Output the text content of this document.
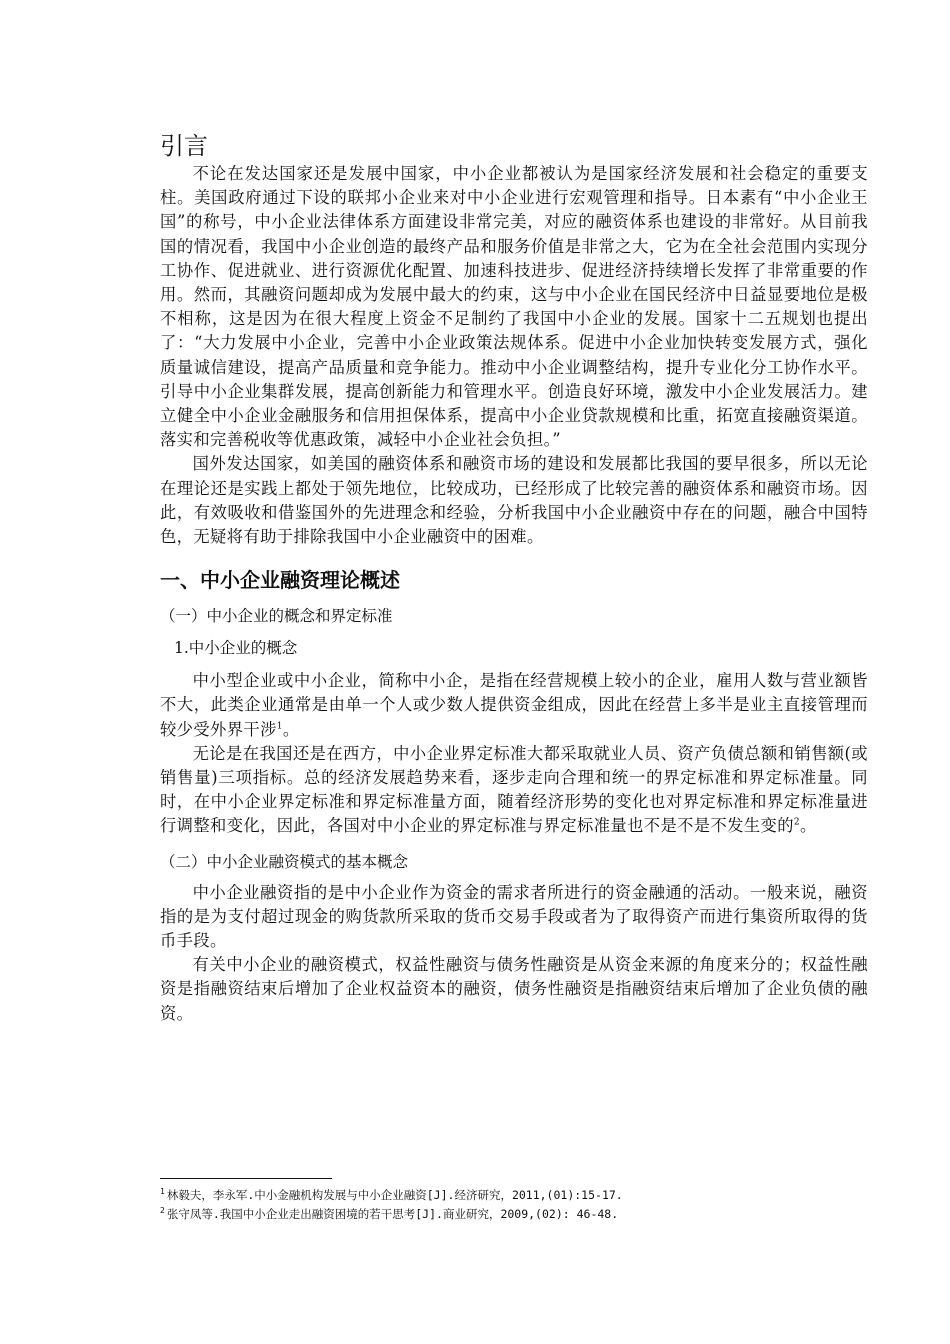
引言

不论在发达国家还是发展中国家，中小企业都被认为是国家经济发展和社会稳定的重要支柱。美国政府通过下设的联邦小企业来对中小企业进行宏观管理和指导。日本素有“中小企业王国”的称号，中小企业法律体系方面建设非常完美，对应的融资体系也建设的非常好。从目前我国的情况看，我国中小企业创造的最终产品和服务价值是非常之大，它为在全社会范围内实现分工协作、促进就业、进行资源优化配置、加速科技进步、促进经济持续增长发挥了非常重要的作用。然而，其融资问题却成为发展中最大的约束，这与中小企业在国民经济中日益显要地位是极不相称，这是因为在很大程度上资金不足制约了我国中小企业的发展。国家十二五规划也提出了：“大力发展中小企业，完善中小企业政策法规体系。促进中小企业加快转变发展方式，强化质量诚信建设，提高产品质量和竞争能力。推动中小企业调整结构，提升专业化分工协作水平。引导中小企业集群发展，提高创新能力和管理水平。创造良好环境，激发中小企业发展活力。建立健全中小企业金融服务和信用担保体系，提高中小企业贷款规模和比重，拓宽直接融资渠道。落实和完善税收等优惠政策，减轻中小企业社会负担。”

国外发达国家，如美国的融资体系和融资市场的建设和发展都比我国的要早很多，所以无论在理论还是实践上都处于领先地位，比较成功，已经形成了比较完善的融资体系和融资市场。因此，有效吸收和借鉴国外的先进理念和经验，分析我国中小企业融资中存在的问题，融合中国特色，无疑将有助于排除我国中小企业融资中的困难。

一、中小企业融资理论概述
（一）中小企业的概念和界定标准
1.中小企业的概念

中小型企业或中小企业，简称中小企，是指在经营规模上较小的企业，雇用人数与营业额皆不大，此类企业通常是由单一个人或少数人提供资金组成，因此在经营上多半是业主直接管理而较少受外界干涉$^1$。

无论是在我国还是在西方，中小企业界定标准大都采取就业人员、资产负债总额和销售额(或销售量)三项指标。总的经济发展趋势来看，逐步走向合理和统一的界定标准和界定标准量。同时，在中小企业界定标准和界定标准量方面，随着经济形势的变化也对界定标准和界定标准量进行调整和变化，因此，各国对中小企业的界定标准与界定标准量也不是不是不发生变的$^2$。

（二）中小企业融资模式的基本概念

中小企业融资指的是中小企业作为资金的需求者所进行的资金融通的活动。一般来说，融资指的是为支付超过现金的购货款所采取的货币交易手段或者为了取得资产而进行集资所取得的货币手段。

有关中小企业的融资模式，权益性融资与债务性融资是从资金来源的角度来分的；权益性融资是指融资结束后增加了企业权益资本的融资，债务性融资是指融资结束后增加了企业负债的融资。

$^1$ 林毅夫，李永军.中小金融机构发展与中小企业融资[J].经济研究，2011,(01):15-17.
$^2$ 张守凤等.我国中小企业走出融资困境的若干思考[J].商业研究，2009,(02): 46-48.
